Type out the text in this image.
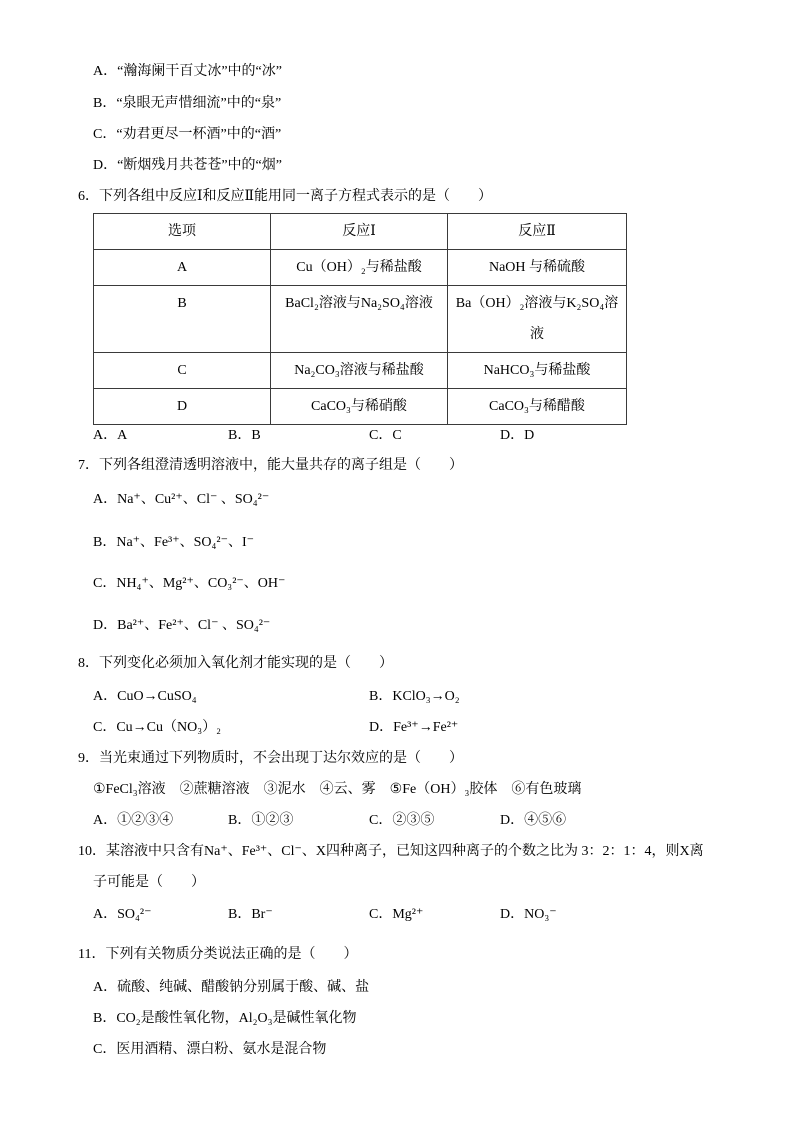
A．“瀚海阑干百丈冰”中的“冰”
B．“泉眼无声惜细流”中的“泉”
C．“劝君更尽一杯酒”中的“酒”
D．“断烟残月共苍苍”中的“烟”
6．下列各组中反应Ⅰ和反应Ⅱ能用同一离子方程式表示的是（　　）
选项	反应Ⅰ	反应Ⅱ
A	Cu（OH）₂与稀盐酸	NaOH 与稀硫酸
B	BaCl₂溶液与Na₂SO₄溶液	Ba（OH）₂溶液与K₂SO₄溶液
C	Na₂CO₃溶液与稀盐酸	NaHCO₃与稀盐酸
D	CaCO₃与稀硝酸	CaCO₃与稀醋酸
A．A	B．B	C．C	D．D
7．下列各组澄清透明溶液中，能大量共存的离子组是（　　）
A．Na⁺、Cu²⁺、Cl⁻ 、SO₄²⁻
B．Na⁺、Fe³⁺、SO₄²⁻、I⁻
C．NH₄⁺、Mg²⁺、CO₃²⁻、OH⁻
D．Ba²⁺、Fe²⁺、Cl⁻ 、SO₄²⁻
8．下列变化必须加入氧化剂才能实现的是（　　）
A．CuO→CuSO₄	B．KClO₃→O₂
C．Cu→Cu（NO₃）₂	D．Fe³⁺→Fe²⁺
9．当光束通过下列物质时，不会出现丁达尔效应的是（　　）
①FeCl₃溶液 ②蔗糖溶液 ③泥水 ④云、雾 ⑤Fe（OH）₃胶体 ⑥有色玻璃
A．①②③④	B．①②③	C．②③⑤	D．④⑤⑥
10．某溶液中只含有Na⁺、Fe³⁺、Cl⁻、X四种离子，已知这四种离子的个数之比为 3：2：1：4，则X离
子可能是（　　）
A．SO₄²⁻	B．Br⁻	C．Mg²⁺	D．NO₃⁻
11．下列有关物质分类说法正确的是（　　）
A．硫酸、纯碱、醋酸钠分别属于酸、碱、盐
B．CO₂是酸性氧化物，Al₂O₃是碱性氧化物
C．医用酒精、漂白粉、氨水是混合物
